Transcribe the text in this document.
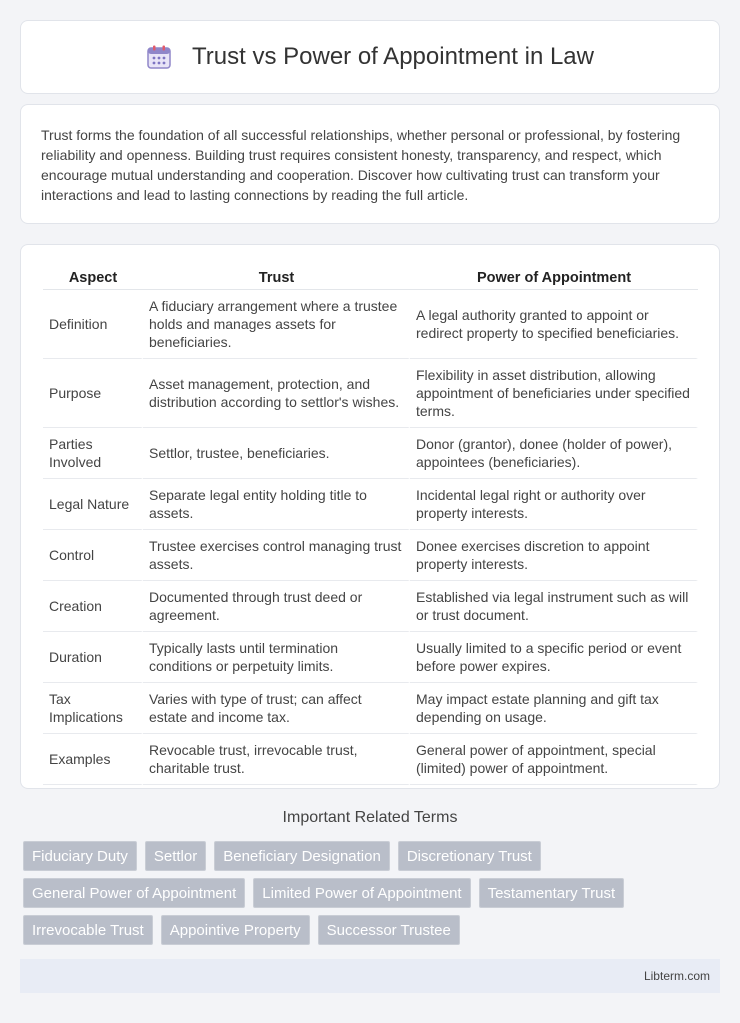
Trust vs Power of Appointment in Law

Trust forms the foundation of all successful relationships, whether personal or professional, by fostering reliability and openness. Building trust requires consistent honesty, transparency, and respect, which encourage mutual understanding and cooperation. Discover how cultivating trust can transform your interactions and lead to lasting connections by reading the full article.

Aspect	Trust	Power of Appointment
Definition	A fiduciary arrangement where a trustee holds and manages assets for beneficiaries.	A legal authority granted to appoint or redirect property to specified beneficiaries.
Purpose	Asset management, protection, and distribution according to settlor's wishes.	Flexibility in asset distribution, allowing appointment of beneficiaries under specified terms.
Parties Involved	Settlor, trustee, beneficiaries.	Donor (grantor), donee (holder of power), appointees (beneficiaries).
Legal Nature	Separate legal entity holding title to assets.	Incidental legal right or authority over property interests.
Control	Trustee exercises control managing trust assets.	Donee exercises discretion to appoint property interests.
Creation	Documented through trust deed or agreement.	Established via legal instrument such as will or trust document.
Duration	Typically lasts until termination conditions or perpetuity limits.	Usually limited to a specific period or event before power expires.
Tax Implications	Varies with type of trust; can affect estate and income tax.	May impact estate planning and gift tax depending on usage.
Examples	Revocable trust, irrevocable trust, charitable trust.	General power of appointment, special (limited) power of appointment.
Important Related Terms
Fiduciary Duty	Settlor	Beneficiary Designation	Discretionary Trust
General Power of Appointment	Limited Power of Appointment	Testamentary Trust
Irrevocable Trust	Appointive Property	Successor Trustee
Libterm.com
